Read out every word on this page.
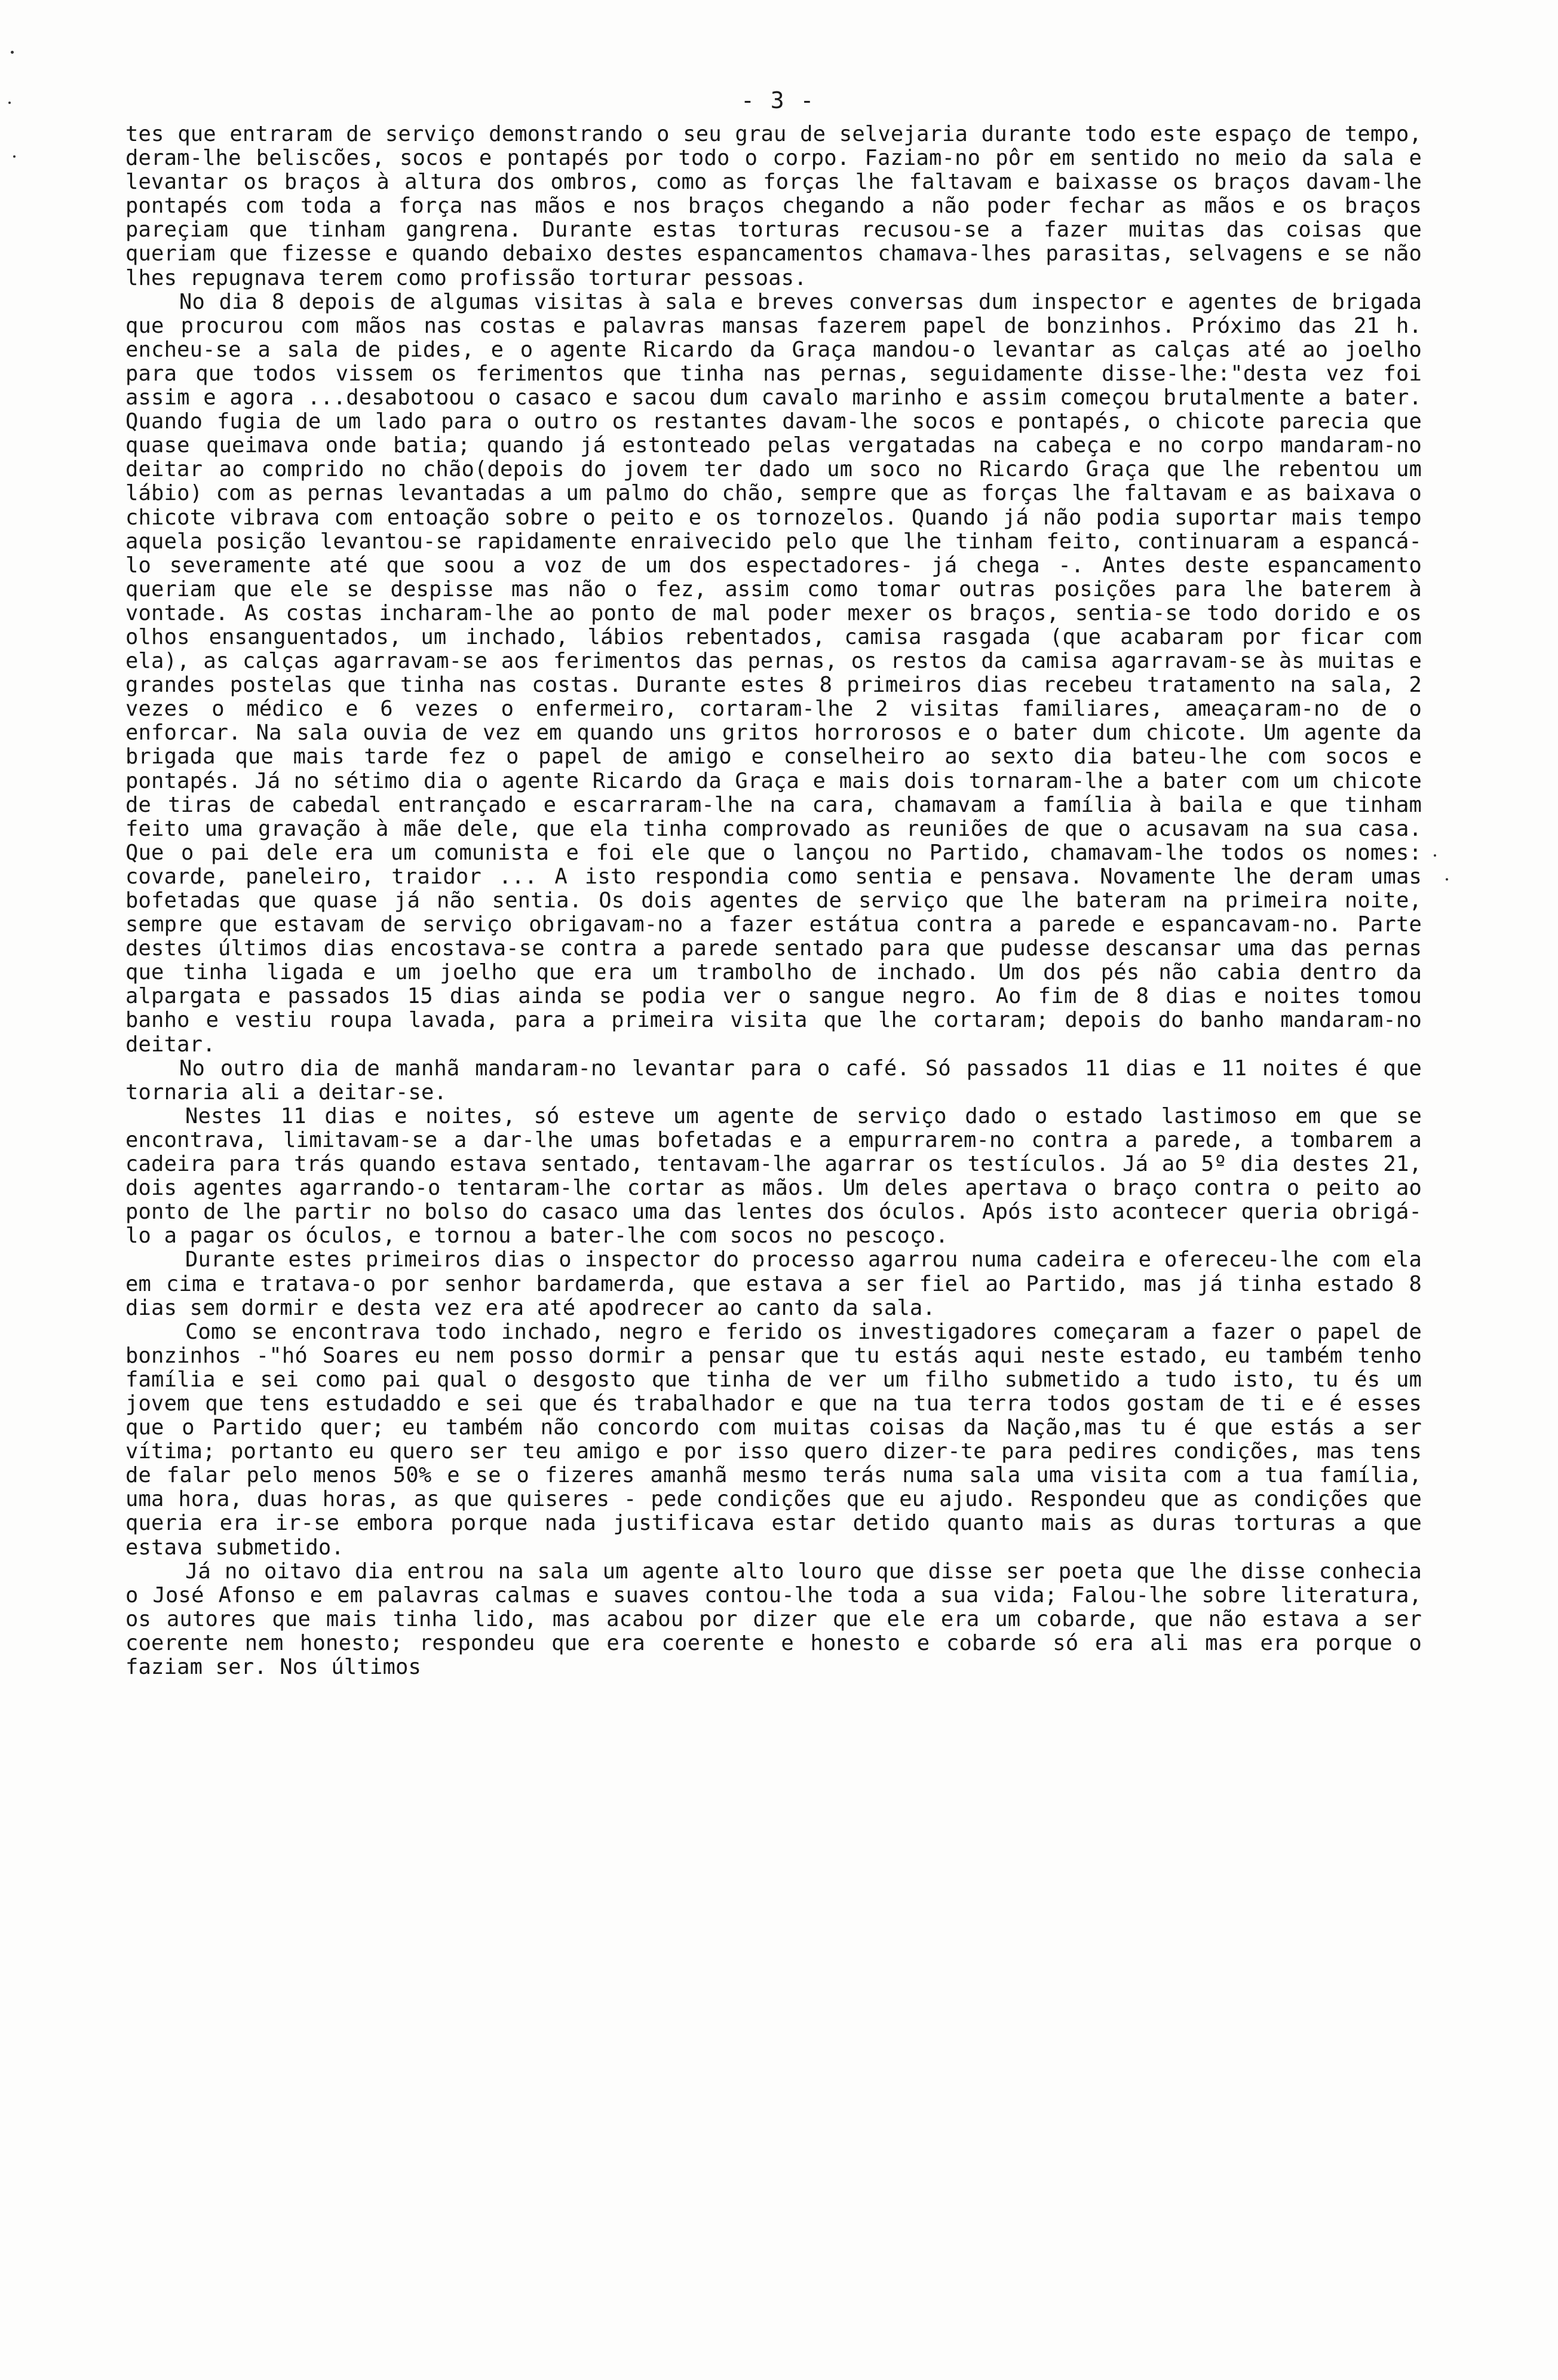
- 3 -

tes que entraram de serviço demonstrando o seu grau de selvejaria durante todo este espaço de tempo, deram-lhe beliscões, socos e pontapés por todo o corpo. Faziam-no pôr em sentido no meio da sala e levantar os braços à altura dos ombros, como as forças lhe faltavam e baixasse os braços davam-lhe pontapés com toda a força nas mãos e nos braços chegando a não poder fechar as mãos e os braços pareçiam que tinham gangrena. Durante estas torturas recusou-se a fazer muitas das coisas que queriam que fizesse e quando debaixo destes espancamentos chamava-lhes parasitas, selvagens e se não lhes repugnava terem como profissão torturar pessoas.

No dia 8 depois de algumas visitas à sala e breves conversas dum inspector e agentes de brigada que procurou com mãos nas costas e palavras mansas fazerem papel de bonzinhos. Próximo das 21 h. encheu-se a sala de pides, e o agente Ricardo da Graça mandou-o levantar as calças até ao joelho para que todos vissem os ferimentos que tinha nas pernas, seguidamente disse-lhe:"desta vez foi assim e agora ...desabotoou o casaco e sacou dum cavalo marinho e assim começou brutalmente a bater. Quando fugia de um lado para o outro os restantes davam-lhe socos e pontapés, o chicote parecia que quase queimava onde batia; quando já estonteado pelas vergatadas na cabeça e no corpo mandaram-no deitar ao comprido no chão(depois do jovem ter dado um soco no Ricardo Graça que lhe rebentou um lábio) com as pernas levantadas a um palmo do chão, sempre que as forças lhe faltavam e as baixava o chicote vibrava com entoação sobre o peito e os tornozelos. Quando já não podia suportar mais tempo aquela posição levantou-se rapidamente enraivecido pelo que lhe tinham feito, continuaram a espancá-lo severamente até que soou a voz de um dos espectadores- já chega -. Antes deste espancamento queriam que ele se despisse mas não o fez, assim como tomar outras posições para lhe baterem à vontade. As costas incharam-lhe ao ponto de mal poder mexer os braços, sentia-se todo dorido e os olhos ensanguentados, um inchado, lábios rebentados, camisa rasgada (que acabaram por ficar com ela), as calças agarravam-se aos ferimentos das pernas, os restos da camisa agarravam-se às muitas e grandes postelas que tinha nas costas. Durante estes 8 primeiros dias recebeu tratamento na sala, 2 vezes o médico e 6 vezes o enfermeiro, cortaram-lhe 2 visitas familiares, ameaçaram-no de o enforcar. Na sala ouvia de vez em quando uns gritos horrorosos e o bater dum chicote. Um agente da brigada que mais tarde fez o papel de amigo e conselheiro ao sexto dia bateu-lhe com socos e pontapés. Já no sétimo dia o agente Ricardo da Graça e mais dois tornaram-lhe a bater com um chicote de tiras de cabedal entrançado e escarraram-lhe na cara, chamavam a família à baila e que tinham feito uma gravação à mãe dele, que ela tinha comprovado as reuniões de que o acusavam na sua casa. Que o pai dele era um comunista e foi ele que o lançou no Partido, chamavam-lhe todos os nomes: covarde, paneleiro, traidor ... A isto respondia como sentia e pensava. Novamente lhe deram umas bofetadas que quase já não sentia. Os dois agentes de serviço que lhe bateram na primeira noite, sempre que estavam de serviço obrigavam-no a fazer estátua contra a parede e espancavam-no. Parte destes últimos dias encostava-se contra a parede sentado para que pudesse descansar uma das pernas que tinha ligada e um joelho que era um trambolho de inchado. Um dos pés não cabia dentro da alpargata e passados 15 dias ainda se podia ver o sangue negro. Ao fim de 8 dias e noites tomou banho e vestiu roupa lavada, para a primeira visita que lhe cortaram; depois do banho mandaram-no deitar.

No outro dia de manhã mandaram-no levantar para o café. Só passados 11 dias e 11 noites é que tornaria ali a deitar-se.

Nestes 11 dias e noites, só esteve um agente de serviço dado o estado lastimoso em que se encontrava, limitavam-se a dar-lhe umas bofetadas e a empurrarem-no contra a parede, a tombarem a cadeira para trás quando estava sentado, tentavam-lhe agarrar os testículos. Já ao 5º dia destes 21, dois agentes agarrando-o tentaram-lhe cortar as mãos. Um deles apertava o braço contra o peito ao ponto de lhe partir no bolso do casaco uma das lentes dos óculos. Após isto acontecer queria obrigá-lo a pagar os óculos, e tornou a bater-lhe com socos no pescoço.

Durante estes primeiros dias o inspector do processo agarrou numa cadeira e ofereceu-lhe com ela em cima e tratava-o por senhor bardamerda, que estava a ser fiel ao Partido, mas já tinha estado 8 dias sem dormir e desta vez era até apodrecer ao canto da sala.

Como se encontrava todo inchado, negro e ferido os investigadores começaram a fazer o papel de bonzinhos -"hó Soares eu nem posso dormir a pensar que tu estás aqui neste estado, eu também tenho família e sei como pai qual o desgosto que tinha de ver um filho submetido a tudo isto, tu és um jovem que tens estudaddo e sei que és trabalhador e que na tua terra todos gostam de ti e é esses que o Partido quer; eu também não concordo com muitas coisas da Nação,mas tu é que estás a ser vítima; portanto eu quero ser teu amigo e por isso quero dizer-te para pedires condições, mas tens de falar pelo menos 50% e se o fizeres amanhã mesmo terás numa sala uma visita com a tua família, uma hora, duas horas, as que quiseres - pede condições que eu ajudo. Respondeu que as condições que queria era ir-se embora porque nada justificava estar detido quanto mais as duras torturas a que estava submetido.

Já no oitavo dia entrou na sala um agente alto louro que disse ser poeta que lhe disse conhecia o José Afonso e em palavras calmas e suaves contou-lhe toda a sua vida; Falou-lhe sobre literatura, os autores que mais tinha lido, mas acabou por dizer que ele era um cobarde, que não estava a ser coerente nem honesto; respondeu que era coerente e honesto e cobarde só era ali mas era porque o faziam ser. Nos últimos
